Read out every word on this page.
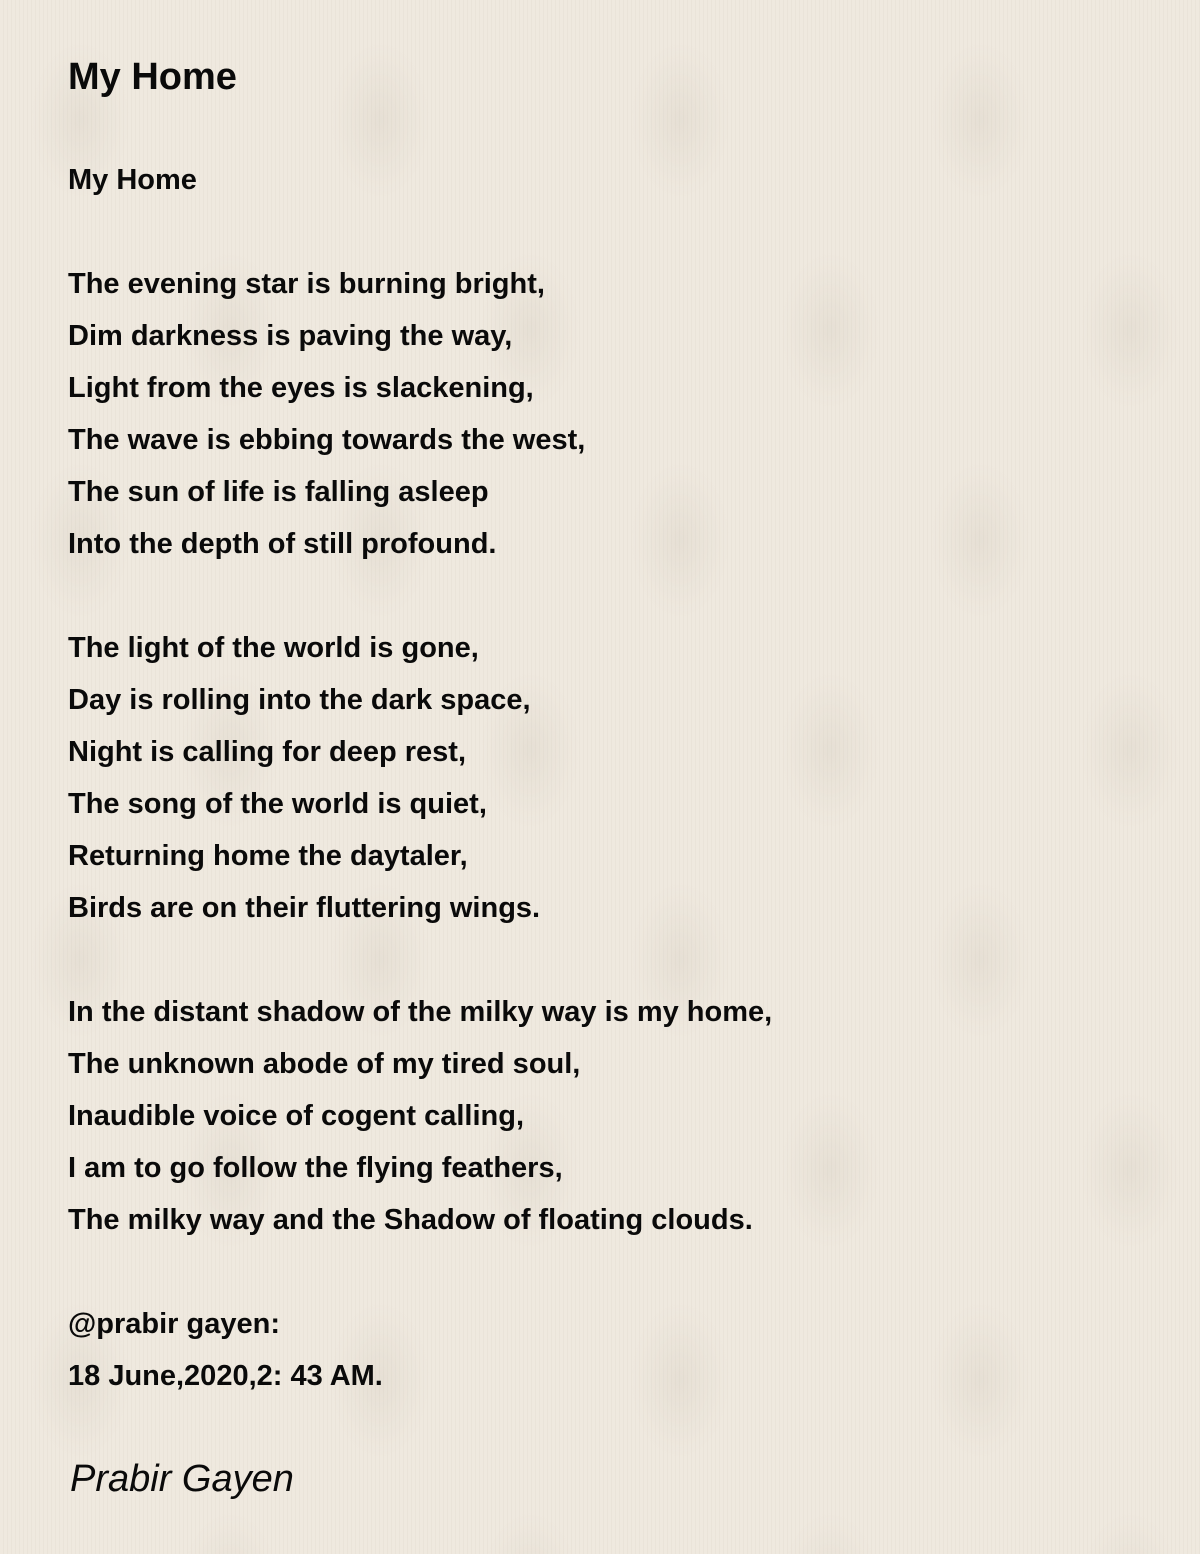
My Home
My Home
The evening star is burning bright,
Dim darkness is paving the way,
Light from the eyes is slackening,
The wave is ebbing towards the west,
The sun of life is falling asleep
Into the depth of still profound.
The light of the world is gone,
Day is rolling into the dark space,
Night is calling for deep rest,
The song of the world is quiet,
Returning home the daytaler,
Birds are on their fluttering wings.
In the distant shadow of the milky way is my home,
The unknown abode of my tired soul,
Inaudible voice of cogent calling,
I am to go follow the flying feathers,
The milky way and the Shadow of floating clouds.
@prabir gayen:
18 June,2020,2: 43 AM.
Prabir Gayen
